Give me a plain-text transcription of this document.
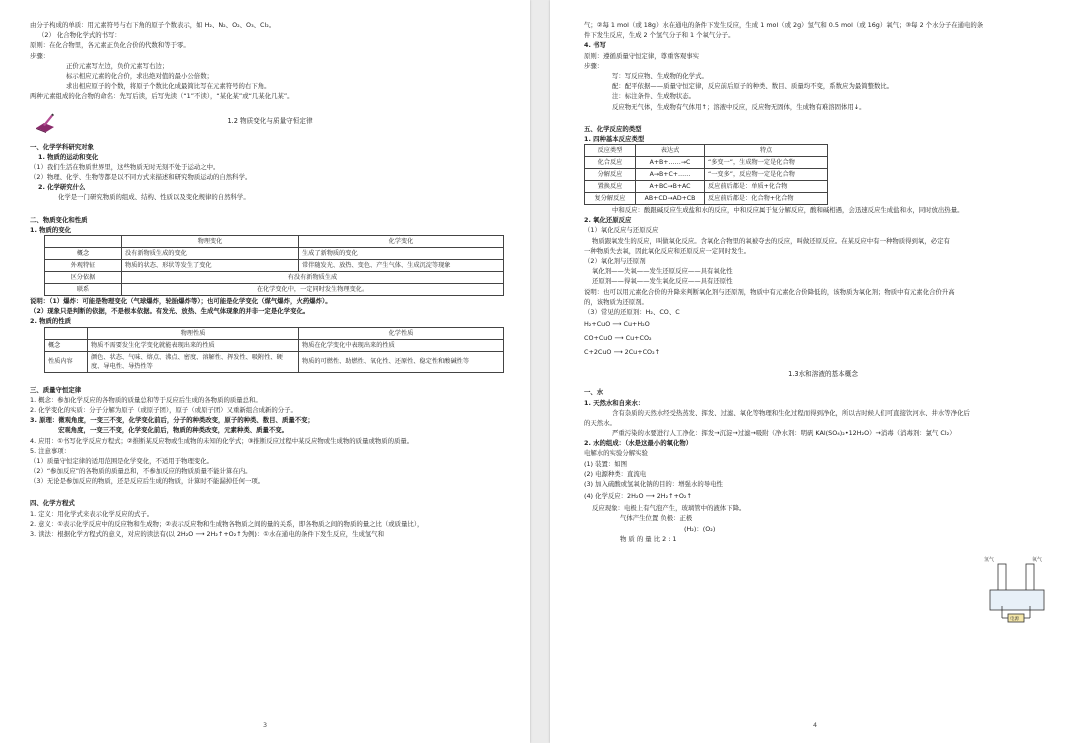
由分子构成的单质：用元素符号与右下角的原子个数表示，如 H₂、N₂、O₂、O₃、Cl₂。
（2） 化合物化学式的书写：
原则：在化合物里，各元素正负化合价的代数和等于零。
步骤：
正价元素写左边，负价元素写右边；
标示相应元素的化合价，求出绝对值的最小公倍数；
求出相应原子的个数，将原子个数比化成最简比写在元素符号的右下角。
两种元素组成的化合物的命名：先写后读，后写先读（“1”不读），“某化某”或“几某化几某”。
1.2 物质变化与质量守恒定律
一、化学学科研究对象
1. 物质的运动和变化
（1）我们生活在物质世界里，这些物质无时无刻不处于运动之中。
（2）物理、化学、生物等都是以不同方式来描述和研究物质运动的自然科学。
2. 化学研究什么
化学是一门研究物质的组成、结构、性质以及变化规律的自然科学。
二、物质变化和性质
1. 物质的变化
	物理变化	化学变化
概念	没有新物质生成的变化	生成了新物质的变化
外观特征	物质的状态、形状等发生了变化	常伴随发光、放热、变色、产生气体、生成沉淀等现象
区分依据	有没有新物质生成	
联系	在化学变化中，一定同时发生物理变化。	
说明：（1）爆炸：可能是物理变化（气球爆炸，轮胎爆炸等）；也可能是化学变化（煤气爆炸，火药爆炸）。
（2）现象只是判断的依据，不是根本依据。有发光、放热、生成气体现象的并非一定是化学变化。
2. 物质的性质
	物理性质	化学性质
概念	物质不需要发生化学变化就能表现出来的性质	物质在化学变化中表现出来的性质
性质内容	颜色、状态、气味、熔点、沸点、密度、溶解性、挥发性、吸附性、硬度、导电性、导热性等	物质的可燃性、助燃性、氧化性、还原性、稳定性和酸碱性等
三、质量守恒定律
1. 概念：参加化学反应的各物质的质量总和等于反应后生成的各物质的质量总和。
2. 化学变化的实质：分子分解为原子（或原子团），原子（或原子团）又重新组合成新的分子。
3. 原理：微观角度，一变三不变，化学变化前后，分子的种类改变，原子的种类、数目、质量不变；
宏观角度，一变三不变，化学变化前后，物质的种类改变，元素种类、质量不变。
4. 应用：①书写化学反应方程式；②推断某反应物或生成物的未知的化学式；③推断反应过程中某反应物或生成物的质量或物质的质量。
5. 注意事项：
（1）质量守恒定律的适用范围是化学变化，不适用于物理变化。
（2）“参加反应”的各物质的质量总和，不参加反应的物质质量不能计算在内。
（3）无论是参加反应的物质，还是反应后生成的物质，计算时不能漏掉任何一项。
四、化学方程式
1. 定义：用化学式来表示化学反应的式子。
2. 意义：①表示化学反应中的反应物和生成物；②表示反应物和生成物各物质之间的量的关系，即各物质之间的物质的量之比（或质量比），
3. 读法：根据化学方程式的意义，对应的读法有(以 2H₂O ⟶ 2H₂↑+O₂↑为例)：①水在通电的条件下发生反应，生成氢气和
3
气；②每 1 mol（或 18g）水在通电的条件下发生反应，生成 1 mol（或 2g）氢气和 0.5 mol（或 16g）氧气；③每 2 个水分子在通电的条
件下发生反应，生成 2 个氢气分子和 1 个氧气分子。
4. 书写
原则：遵循质量守恒定律，尊重客观事实
步骤：
写：写反应物、生成物的化学式。
配：配平依据——质量守恒定律，反应前后原子的种类、数目、质量均不变，系数应为最简整数比。
注：标注条件、生成物状态。
反应物无气体，生成物有气体用↑；溶液中反应，反应物无固体，生成物有难溶固体用↓。
五、化学反应的类型
1. 四种基本反应类型
反应类型	表达式	特点
化合反应	A+B+……→C	“多变一”，生成物一定是化合物
分解反应	A→B+C+……	“一变多”，反应物一定是化合物
置换反应	A+BC→B+AC	反应前后都是：单质+化合物
复分解反应	AB+CD→AD+CB	反应前后都是：化合物+化合物
中和反应：酸跟碱反应生成盐和水的反应，中和反应属于复分解反应，酸和碱相遇，会迅速反应生成盐和水，同时放出热量。
2. 氧化还原反应
（1）氧化反应与还原反应
物质跟氧发生的反应，叫做氧化反应。含氧化合物里的氧被夺去的反应，叫做还原反应。在某反应中有一种物质得到氧，必定有
一种物质失去氧，因此氧化反应和还原反应一定同时发生。
（2）氧化剂与还原剂
氧化剂——失氧——发生还原反应——具有氧化性
还原剂——得氧——发生氧化反应——具有还原性
说明：也可以用元素化合价的升降来判断氧化剂与还原剂，物质中有元素化合价降低的，该物质为氧化剂；物质中有元素化合价升高
的，该物质为还原剂。
（3）常见的还原剂：H₂、CO、C
H₂+CuO ⟶ Cu+H₂O
CO+CuO ⟶ Cu+CO₂
C+2CuO ⟶ 2Cu+CO₂↑
1.3水和溶液的基本概念
一、水
1. 天然水和自来水：
含有杂质的天然水经受热蒸发、挥发、过滤、氧化等物理和生化过程而得到净化，所以古时候人们可直接饮河水、井水等净化后
的天然水。
严重污染的水要进行人工净化：挥发→沉淀→过滤→吸附（净水剂：明矾 KAl(SO₄)₂•12H₂O）→消毒（消毒剂：氯气 Cl₂）
2. 水的组成：（水是这最小的氧化物）
电解水的实验分解实验
(1) 装置：如图
(2) 电源种类：直流电
(3) 加入硫酸或氢氧化钠的目的：增强水的导电性
(4) 化学反应：2H₂O ⟶ 2H₂↑+O₂↑
反应现象：电极上有气泡产生，玻璃管中的液体下降。
气体产生位置 负极：正极
(H₂)：(O₂)
物 质 的 量 比 2 : 1
氢气	氧气
电源
4
